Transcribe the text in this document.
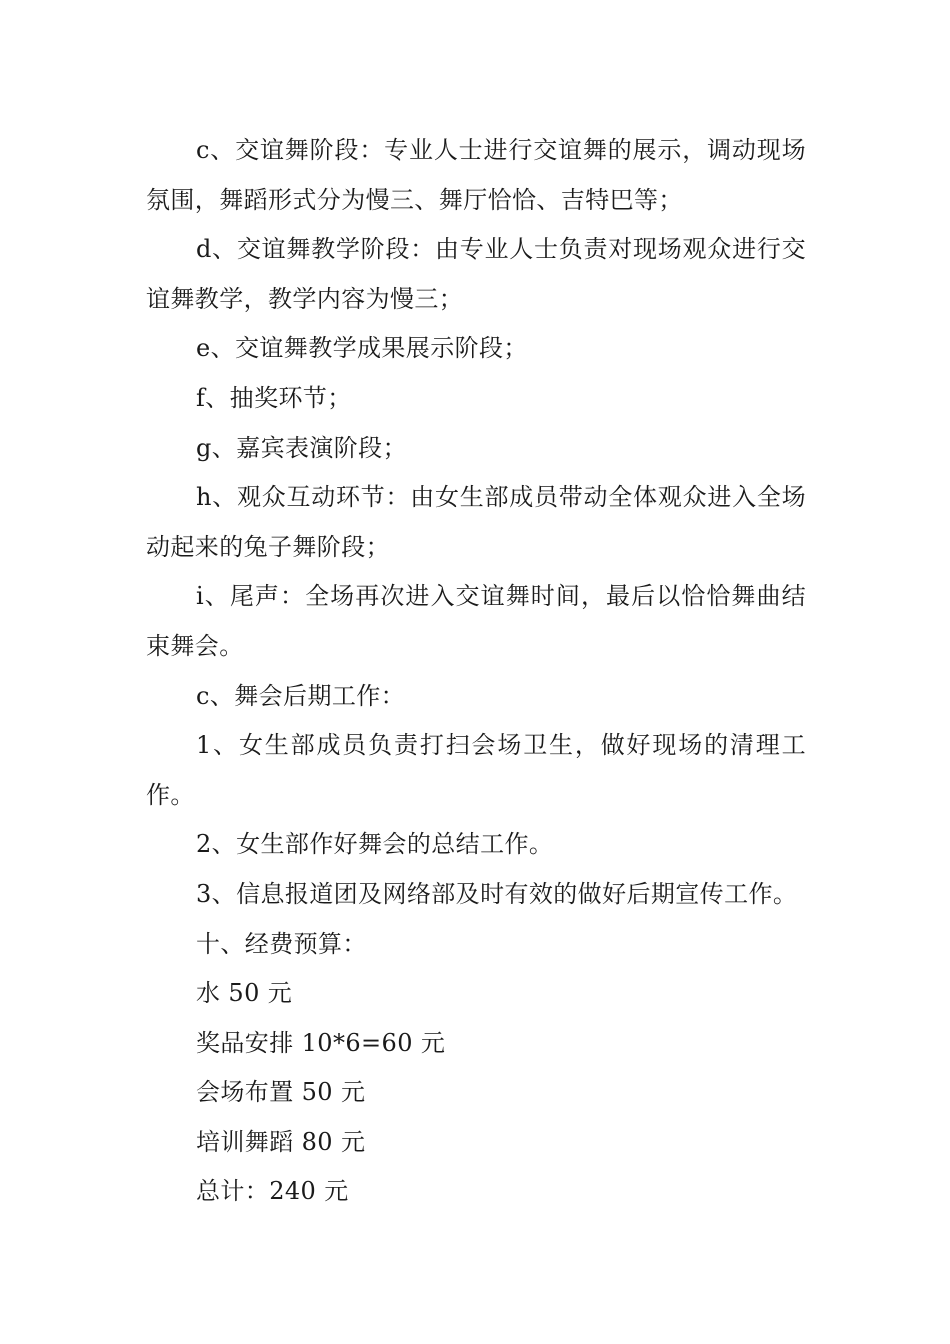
c、交谊舞阶段：专业人士进行交谊舞的展示，调动现场氛围，舞蹈形式分为慢三、舞厅恰恰、吉特巴等；

d、交谊舞教学阶段：由专业人士负责对现场观众进行交谊舞教学，教学内容为慢三；

e、交谊舞教学成果展示阶段；

f、抽奖环节；

g、嘉宾表演阶段；

h、观众互动环节：由女生部成员带动全体观众进入全场动起来的兔子舞阶段；

i、尾声：全场再次进入交谊舞时间，最后以恰恰舞曲结束舞会。

c、舞会后期工作：

1、女生部成员负责打扫会场卫生，做好现场的清理工作。

2、女生部作好舞会的总结工作。

3、信息报道团及网络部及时有效的做好后期宣传工作。

十、经费预算：

水 50 元

奖品安排 10*6=60 元

会场布置 50 元

培训舞蹈 80 元

总计：240 元
